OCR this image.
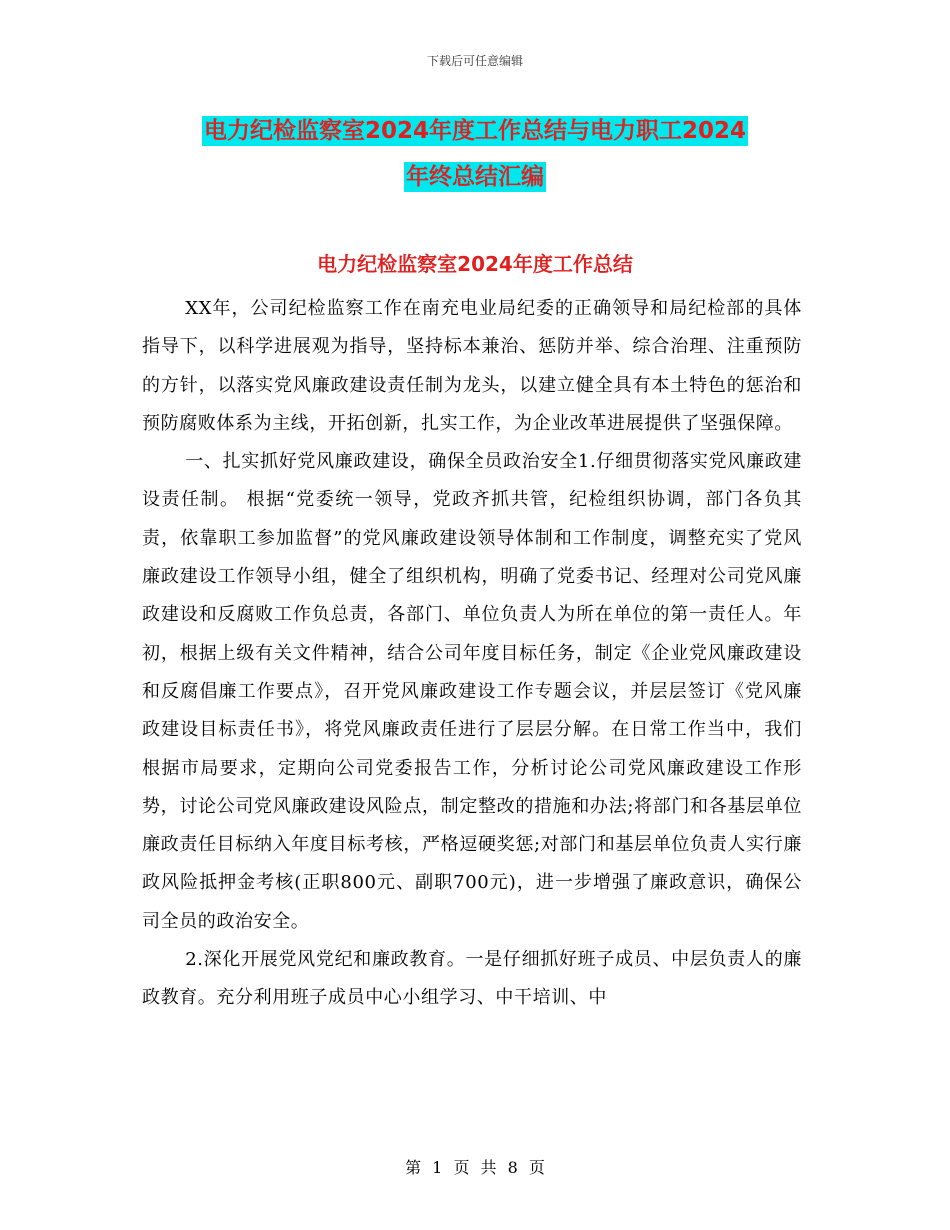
下载后可任意编辑
电力纪检监察室2024年度工作总结与电力职工2024
年终总结汇编
电力纪检监察室2024年度工作总结

XX年，公司纪检监察工作在南充电业局纪委的正确领导和局纪检部的具体指导下，以科学进展观为指导，坚持标本兼治、惩防并举、综合治理、注重预防的方针，以落实党风廉政建设责任制为龙头，以建立健全具有本土特色的惩治和预防腐败体系为主线，开拓创新，扎实工作，为企业改革进展提供了坚强保障。

一、扎实抓好党风廉政建设，确保全员政治安全1.仔细贯彻落实党风廉政建设责任制。 根据“党委统一领导，党政齐抓共管，纪检组织协调，部门各负其责，依靠职工参加监督”的党风廉政建设领导体制和工作制度，调整充实了党风廉政建设工作领导小组，健全了组织机构，明确了党委书记、经理对公司党风廉政建设和反腐败工作负总责，各部门、单位负责人为所在单位的第一责任人。年初，根据上级有关文件精神，结合公司年度目标任务，制定《企业党风廉政建设和反腐倡廉工作要点》，召开党风廉政建设工作专题会议，并层层签订《党风廉政建设目标责任书》，将党风廉政责任进行了层层分解。在日常工作当中，我们根据市局要求，定期向公司党委报告工作，分析讨论公司党风廉政建设工作形势，讨论公司党风廉政建设风险点，制定整改的措施和办法;将部门和各基层单位廉政责任目标纳入年度目标考核，严格逗硬奖惩;对部门和基层单位负责人实行廉政风险抵押金考核(正职800元、副职700元)，进一步增强了廉政意识，确保公司全员的政治安全。

2.深化开展党风党纪和廉政教育。一是仔细抓好班子成员、中层负责人的廉政教育。充分利用班子成员中心小组学习、中干培训、中

第 1 页 共 8 页
